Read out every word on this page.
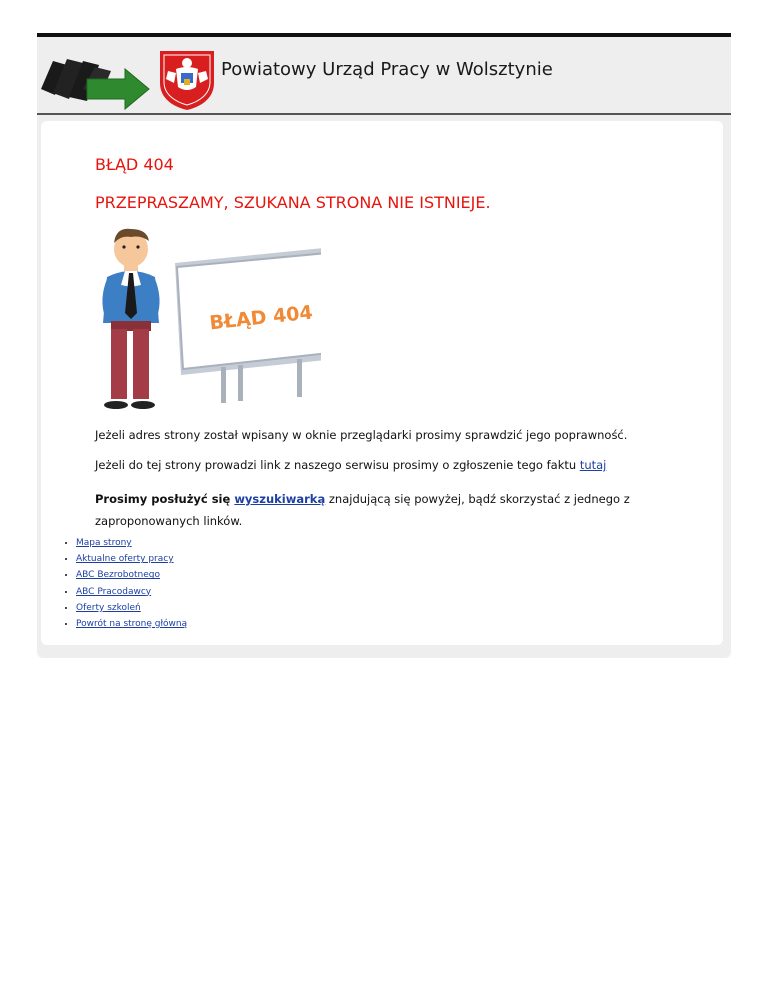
Powiatowy Urząd Pracy w Wolsztynie
BŁĄD 404
PRZEPRASZAMY, SZUKANA STRONA NIE ISTNIEJE.
BŁĄD 404

Jeżeli adres strony został wpisany w oknie przeglądarki prosimy sprawdzić jego poprawność.

Jeżeli do tej strony prowadzi link z naszego serwisu prosimy o zgłoszenie tego faktu tutaj

Prosimy posłużyć się wyszukiwarką znajdującą się powyżej, bądź skorzystać z jednego z zaproponowanych linków.

• Mapa strony
• Aktualne oferty pracy
• ABC Bezrobotnego
• ABC Pracodawcy
• Oferty szkoleń
• Powrót na stronę główną
